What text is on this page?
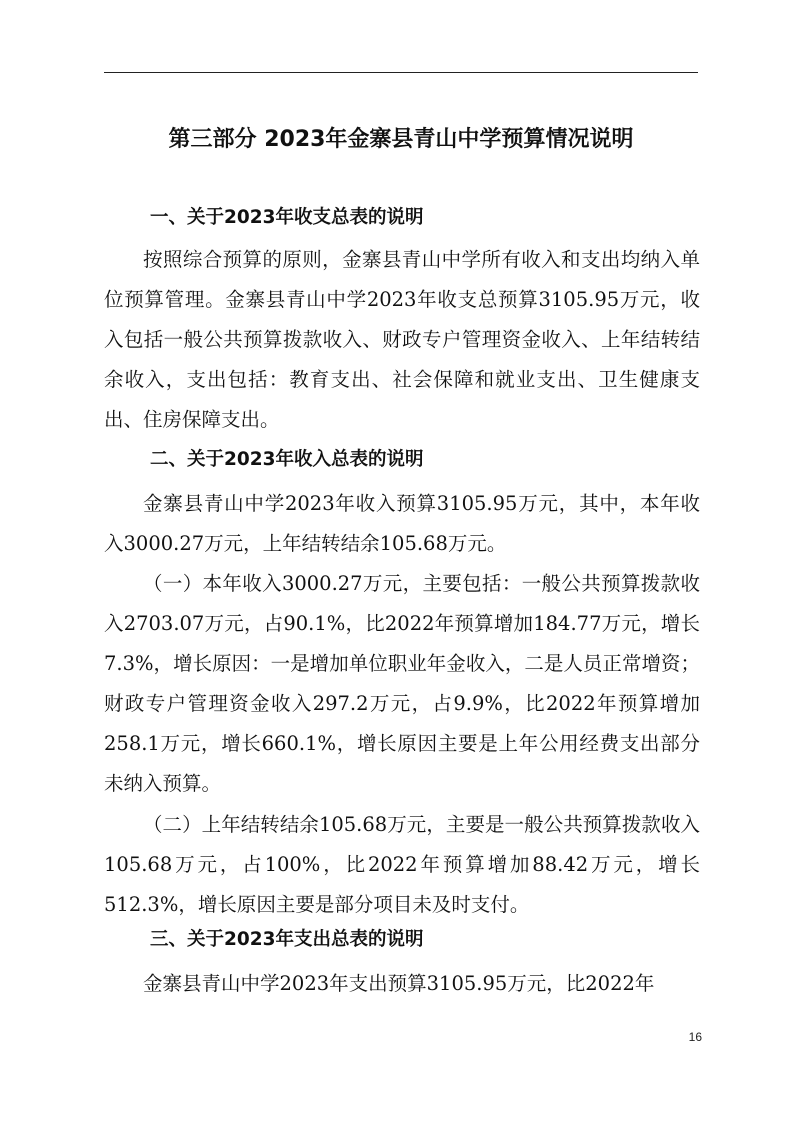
第三部分 2023年金寨县青山中学预算情况说明
一、关于2023年收支总表的说明

按照综合预算的原则，金寨县青山中学所有收入和支出均纳入单位预算管理。金寨县青山中学2023年收支总预算3105.95万元，收入包括一般公共预算拨款收入、财政专户管理资金收入、上年结转结余收入，支出包括：教育支出、社会保障和就业支出、卫生健康支出、住房保障支出。

二、关于2023年收入总表的说明

金寨县青山中学2023年收入预算3105.95万元，其中，本年收入3000.27万元，上年结转结余105.68万元。

（一）本年收入3000.27万元，主要包括：一般公共预算拨款收入2703.07万元，占90.1%，比2022年预算增加184.77万元，增长7.3%，增长原因：一是增加单位职业年金收入，二是人员正常增资；财政专户管理资金收入297.2万元，占9.9%，比2022年预算增加258.1万元，增长660.1%，增长原因主要是上年公用经费支出部分未纳入预算。

（二）上年结转结余105.68万元，主要是一般公共预算拨款收入105.68万元，占100%，比2022年预算增加88.42万元，增长512.3%，增长原因主要是部分项目未及时支付。

三、关于2023年支出总表的说明

金寨县青山中学2023年支出预算3105.95万元，比2022年

16
